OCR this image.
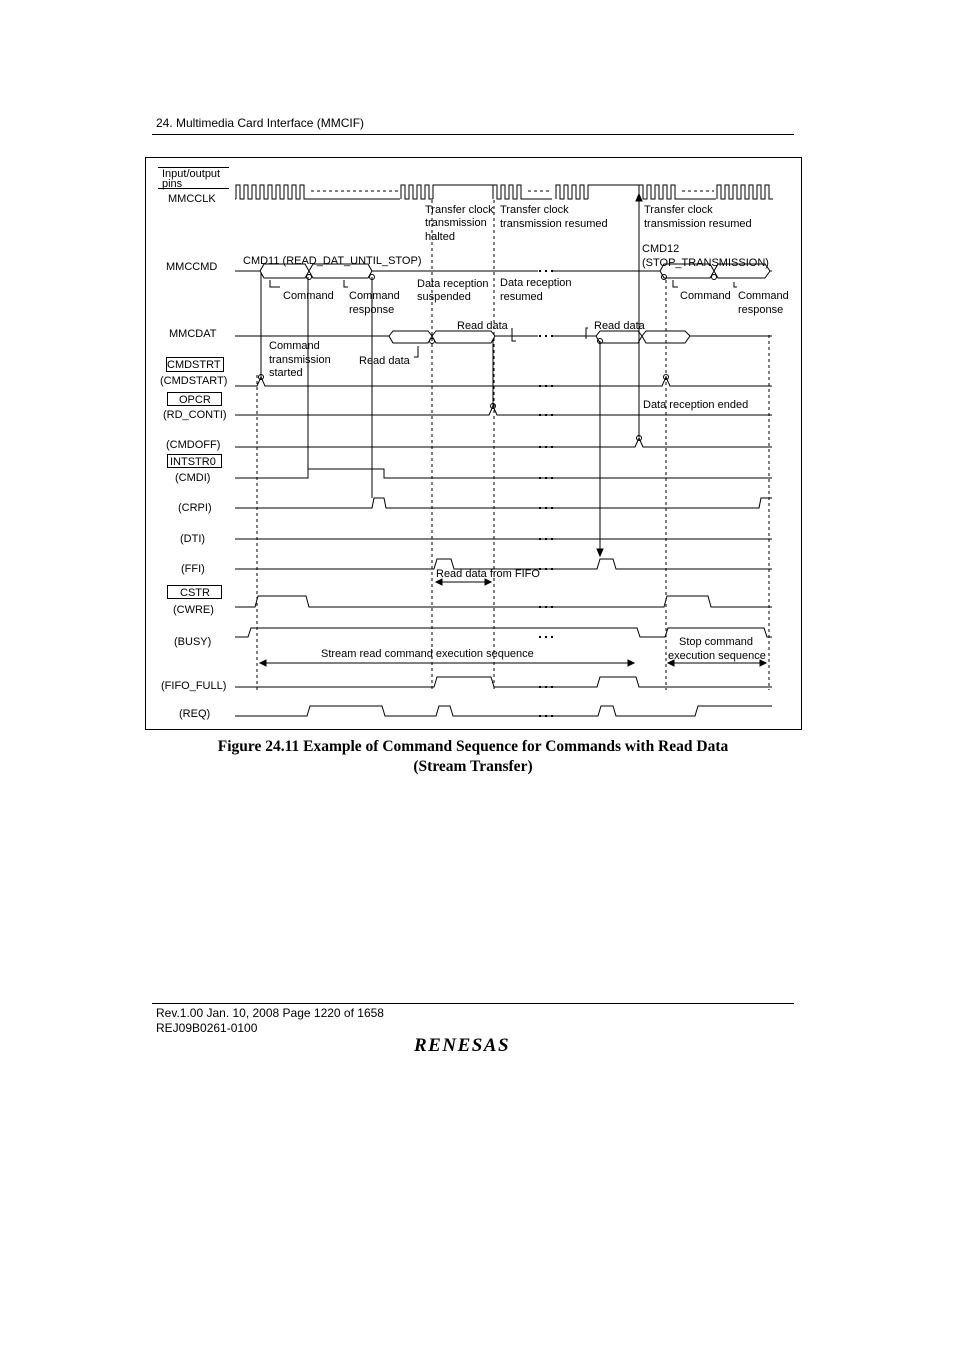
24. Multimedia Card Interface (MMCIF)
Input/output
pins
MMCCLK
MMCCMD
MMCDAT
CMDSTRT
(CMDSTART)
OPCR
(RD_CONTI)
(CMDOFF)
INTSTR0
(CMDI)
(CRPI)
(DTI)
(FFI)
CSTR
(CWRE)
(BUSY)
(FIFO_FULL)
(REQ)
Transfer clock
transmission
halted
Transfer clock
transmission resumed
Transfer clock
transmission resumed
CMD11 (READ_DAT_UNTIL_STOP)
CMD12
(STOP_TRANSMISSION)
Command Command
response
Data reception
suspended
Data reception
resumed	Command Command
response
Read data	Read data
Read data
Command
transmission
started
Data reception ended
Read data from FIFO
Stop command
execution sequence
Stream read command execution sequence
Figure 24.11 Example of Command Sequence for Commands with Read Data
(Stream Transfer)
Rev.1.00 Jan. 10, 2008 Page 1220 of 1658
REJ09B0261-0100
RENESAS
